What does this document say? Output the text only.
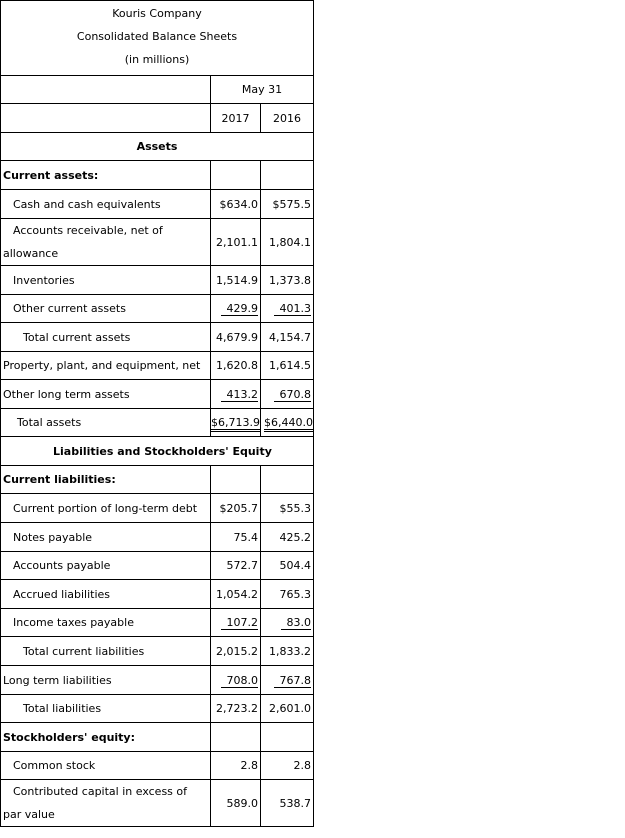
Kouris Company
Consolidated Balance Sheets
(in millions)		

	May 31	
	2017	2016
Assets		
Current assets:		
Cash and cash equivalents	$634.0	$575.5

Accounts receivable, net of
allowance	2,101.1	1,804.1
Inventories	1,514.9	1,373.8
Other current assets	429.9	401.3
Total current assets	4,679.9	4,154.7
Property, plant, and equipment, net	1,620.8	1,614.5
Other long term assets	413.2	670.8
Total assets	$6,713.9	$6,440.0
Liabilities and Stockholders' Equity		
Current liabilities:		
Current portion of long-term debt	$205.7	$55.3
Notes payable	75.4	425.2
Accounts payable	572.7	504.4
Accrued liabilities	1,054.2	765.3
Income taxes payable	107.2	83.0
Total current liabilities	2,015.2	1,833.2
Long term liabilities	708.0	767.8
Total liabilities	2,723.2	2,601.0
Stockholders' equity:		
Common stock	2.8	2.8

Contributed capital in excess of
par value	589.0	538.7
